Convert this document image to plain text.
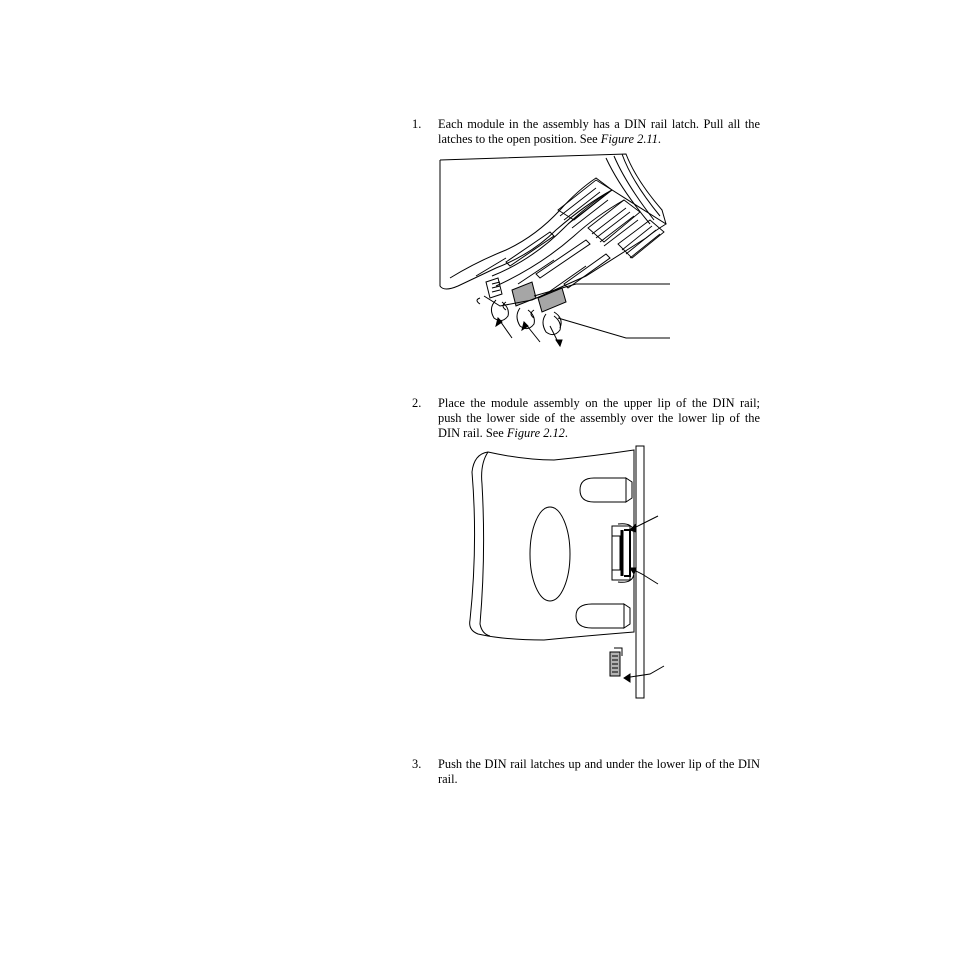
1.	Each module in the assembly has a DIN rail latch. Pull all the latches to the open position. See Figure 2.11.
2.	Place the module assembly on the upper lip of the DIN rail; push the lower side of the assembly over the lower lip of the DIN rail. See Figure 2.12.
3.	Push the DIN rail latches up and under the lower lip of the DIN rail.
